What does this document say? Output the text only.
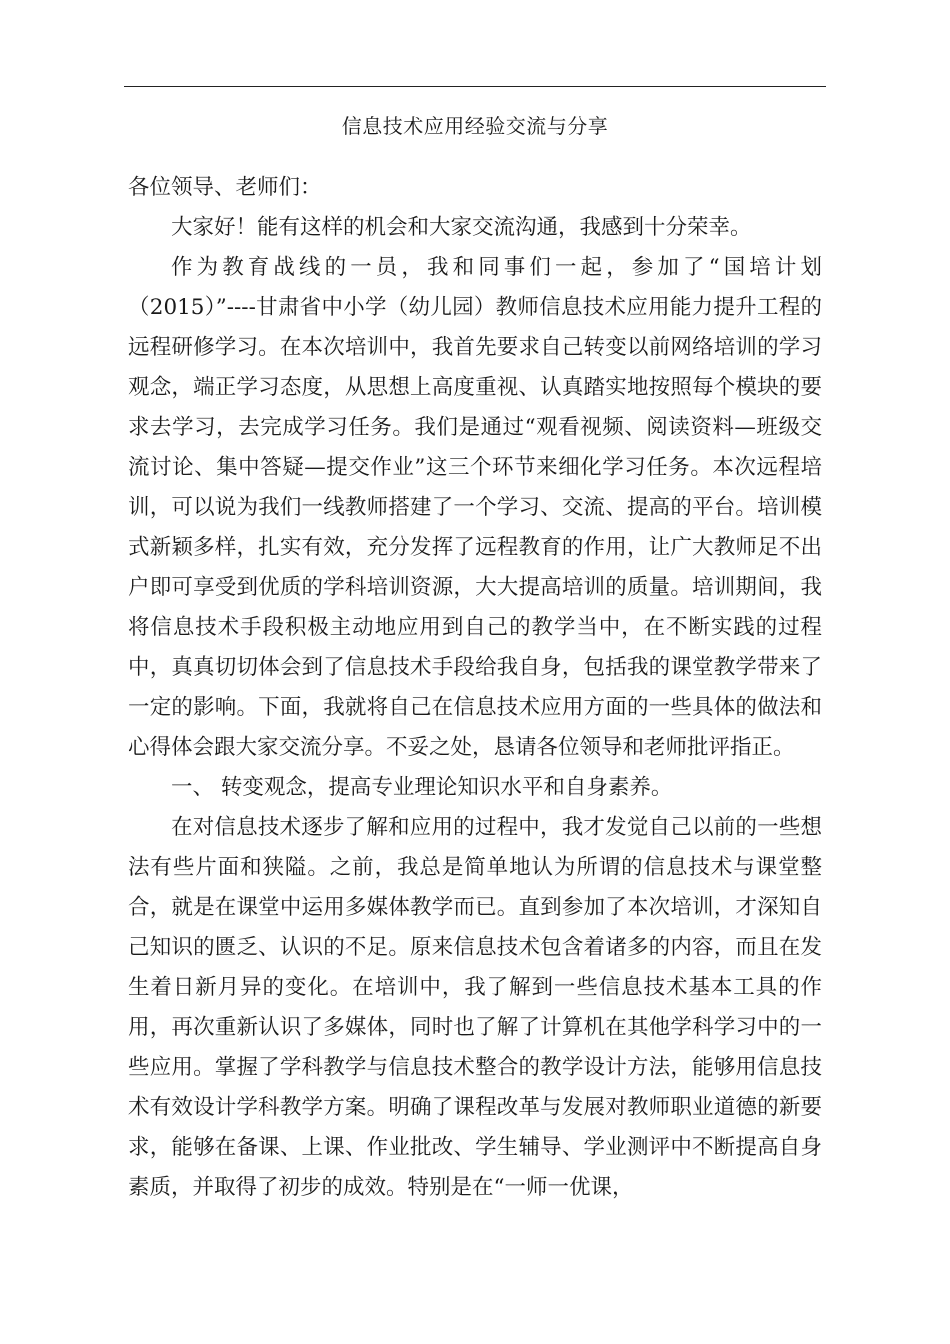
信息技术应用经验交流与分享

各位领导、老师们：

大家好！能有这样的机会和大家交流沟通，我感到十分荣幸。

作为教育战线的一员，我和同事们一起，参加了“国培计划（2015）”----甘肃省中小学（幼儿园）教师信息技术应用能力提升工程的远程研修学习。在本次培训中，我首先要求自己转变以前网络培训的学习观念，端正学习态度，从思想上高度重视、认真踏实地按照每个模块的要求去学习，去完成学习任务。我们是通过“观看视频、阅读资料—班级交流讨论、集中答疑—提交作业”这三个环节来细化学习任务。本次远程培训，可以说为我们一线教师搭建了一个学习、交流、提高的平台。培训模式新颖多样，扎实有效，充分发挥了远程教育的作用，让广大教师足不出户即可享受到优质的学科培训资源，大大提高培训的质量。培训期间，我将信息技术手段积极主动地应用到自己的教学当中，在不断实践的过程中，真真切切体会到了信息技术手段给我自身，包括我的课堂教学带来了一定的影响。下面，我就将自己在信息技术应用方面的一些具体的做法和心得体会跟大家交流分享。不妥之处，恳请各位领导和老师批评指正。

一、 转变观念，提高专业理论知识水平和自身素养。

在对信息技术逐步了解和应用的过程中，我才发觉自己以前的一些想法有些片面和狭隘。之前，我总是简单地认为所谓的信息技术与课堂整合，就是在课堂中运用多媒体教学而已。直到参加了本次培训，才深知自己知识的匮乏、认识的不足。原来信息技术包含着诸多的内容，而且在发生着日新月异的变化。在培训中，我了解到一些信息技术基本工具的作用，再次重新认识了多媒体，同时也了解了计算机在其他学科学习中的一些应用。掌握了学科教学与信息技术整合的教学设计方法，能够用信息技术有效设计学科教学方案。明确了课程改革与发展对教师职业道德的新要求，能够在备课、上课、作业批改、学生辅导、学业测评中不断提高自身素质，并取得了初步的成效。特别是在“一师一优课，
